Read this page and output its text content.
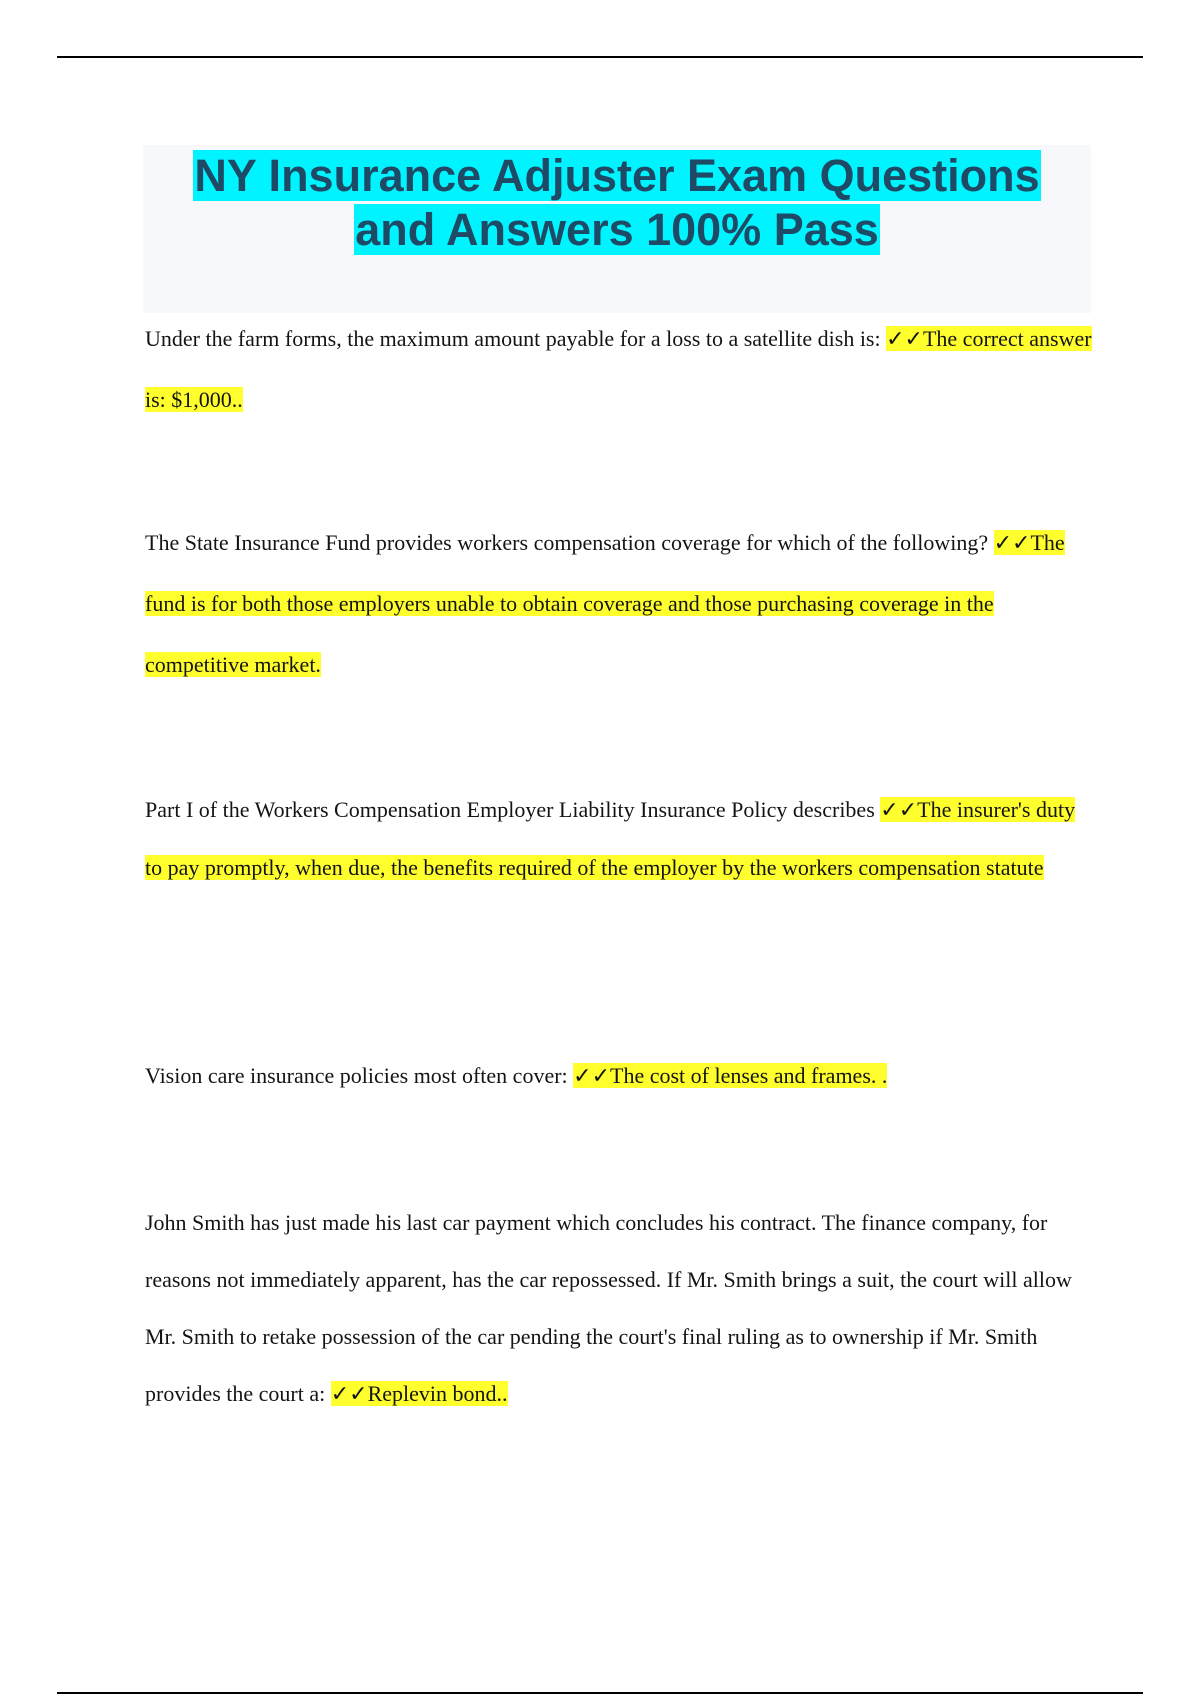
NY Insurance Adjuster Exam Questions
and Answers 100% Pass

Under the farm forms, the maximum amount payable for a loss to a satellite dish is: ✓✓The correct answer is: $1,000..

The State Insurance Fund provides workers compensation coverage for which of the following? ✓✓The fund is for both those employers unable to obtain coverage and those purchasing coverage in the competitive market.

Part I of the Workers Compensation Employer Liability Insurance Policy describes ✓✓The insurer's duty to pay promptly, when due, the benefits required of the employer by the workers compensation statute

Vision care insurance policies most often cover: ✓✓The cost of lenses and frames. .

John Smith has just made his last car payment which concludes his contract. The finance company, for reasons not immediately apparent, has the car repossessed. If Mr. Smith brings a suit, the court will allow Mr. Smith to retake possession of the car pending the court's final ruling as to ownership if Mr. Smith provides the court a: ✓✓Replevin bond..
